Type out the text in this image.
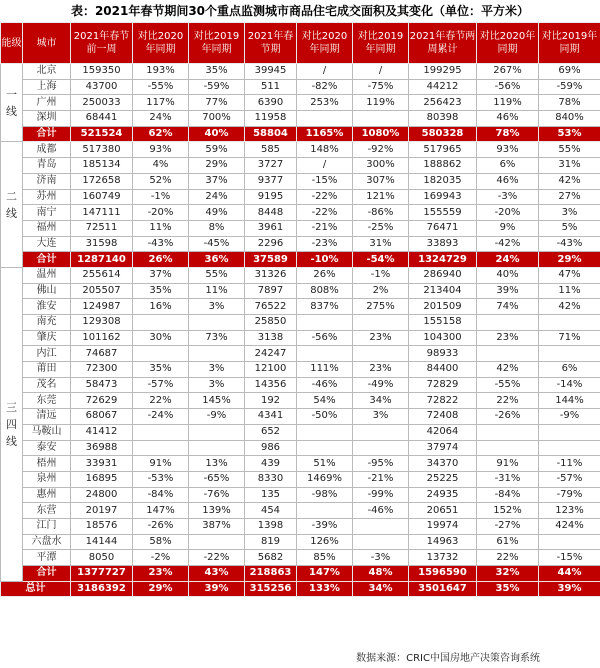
表：2021年春节期间30个重点监测城市商品住宅成交面积及其变化（单位：平方米）
能级	城市	2021年春节前一周	对比2020年同期	对比2019年同期	2021年春节期	对比2020年同期	对比2019年同期	2021年春节两周累计	对比2020年同期	对比2019年同期
一线	北京	159350	193%	35%	39945	/	/	199295	267%	69%
	上海	43700	-55%	-59%	511	-82%	-75%	44212	-56%	-59%
	广州	250033	117%	77%	6390	253%	119%	256423	119%	78%
	深圳	68441	24%	700%	11958			80398	46%	840%
	合计	521524	62%	40%	58804	1165%	1080%	580328	78%	53%
二线	成都	517380	93%	59%	585	148%	-92%	517965	93%	55%
	青岛	185134	4%	29%	3727	/	300%	188862	6%	31%
	济南	172658	52%	37%	9377	-15%	307%	182035	46%	42%
	苏州	160749	-1%	24%	9195	-22%	121%	169943	-3%	27%
	南宁	147111	-20%	49%	8448	-22%	-86%	155559	-20%	3%
	福州	72511	11%	8%	3961	-21%	-25%	76471	9%	5%
	大连	31598	-43%	-45%	2296	-23%	31%	33893	-42%	-43%
	合计	1287140	26%	36%	37589	-10%	-54%	1324729	24%	29%
三四线	温州	255614	37%	55%	31326	26%	-1%	286940	40%	47%
	佛山	205507	35%	11%	7897	808%	2%	213404	39%	11%
	淮安	124987	16%	3%	76522	837%	275%	201509	74%	42%
	南充	129308			25850			155158		
	肇庆	101162	30%	73%	3138	-56%	23%	104300	23%	71%
	内江	74687			24247			98933		
	莆田	72300	35%	3%	12100	111%	23%	84400	42%	6%
	茂名	58473	-57%	3%	14356	-46%	-49%	72829	-55%	-14%
	东莞	72629	22%	145%	192	54%	34%	72822	22%	144%
	清远	68067	-24%	-9%	4341	-50%	3%	72408	-26%	-9%
	马鞍山	41412			652			42064		
	泰安	36988			986			37974		
	梧州	33931	91%	13%	439	51%	-95%	34370	91%	-11%
	泉州	16895	-53%	-65%	8330	1469%	-21%	25225	-31%	-57%
	惠州	24800	-84%	-76%	135	-98%	-99%	24935	-84%	-79%
	东营	20197	147%	139%	454		-46%	20651	152%	123%
	江门	18576	-26%	387%	1398	-39%		19974	-27%	424%
	六盘水	14144	58%		819	126%		14963	61%	
	平潭	8050	-2%	-22%	5682	85%	-3%	13732	22%	-15%
	合计	1377727	23%	43%	218863	147%	48%	1596590	32%	44%
总计		3186392	29%	39%	315256	133%	34%	3501647	35%	39%
数据来源：CRIC中国房地产决策咨询系统
